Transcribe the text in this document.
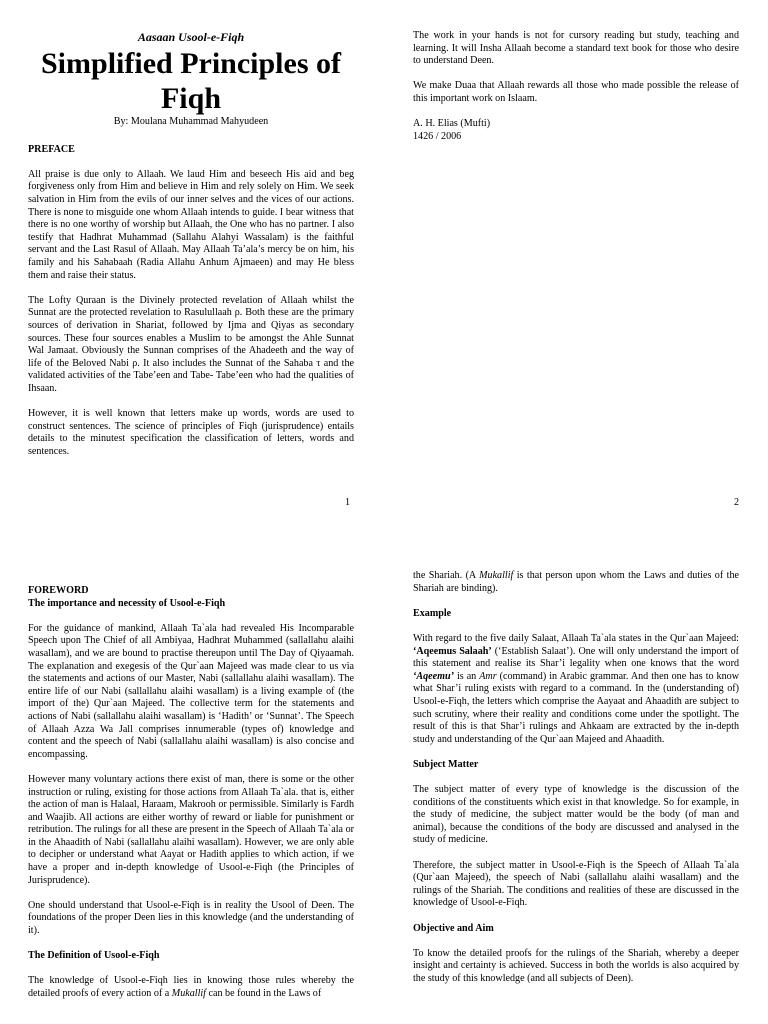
Aasaan Usool-e-Fiqh

Simplified Principles of Fiqh

By: Moulana Muhammad Mahyudeen

PREFACE

All praise is due only to Allaah. We laud Him and beseech His aid and beg forgiveness only from Him and believe in Him and rely solely on Him. We seek salvation in Him from the evils of our inner selves and the vices of our actions. There is none to misguide one whom Allaah intends to guide. I bear witness that there is no one worthy of worship but Allaah, the One who has no partner. I also testify that Hadhrat Muhammad (Sallahu Alahyi Wassalam) is the faithful servant and the Last Rasul of Allaah. May Allaah Ta’ala’s mercy be on him, his family and his Sahabaah (Radia Allahu Anhum Ajmaeen) and may He bless them and raise their status.

The Lofty Quraan is the Divinely protected revelation of Allaah whilst the Sunnat are the protected revelation to Rasulullaah ρ. Both these are the primary sources of derivation in Shariat, followed by Ijma and Qiyas as secondary sources. These four sources enables a Muslim to be amongst the Ahle Sunnat Wal Jamaat. Obviously the Sunnan comprises of the Ahadeeth and the way of life of the Beloved Nabi ρ. It also includes the Sunnat of the Sahaba τ and the validated activities of the Tabe’een and Tabe- Tabe’een who had the qualities of Ihsaan.

However, it is well known that letters make up words, words are used to construct sentences. The science of principles of Fiqh (jurisprudence) entails details to the minutest specification the classification of letters, words and sentences.

1

The work in your hands is not for cursory reading but study, teaching and learning. It will Insha Allaah become a standard text book for those who desire to understand Deen.

We make Duaa that Allaah rewards all those who made possible the release of this important work on Islaam.

A. H. Elias (Mufti)

1426 / 2006

2

FOREWORD

The importance and necessity of Usool-e-Fiqh

For the guidance of mankind, Allaah Ta`ala had revealed His Incomparable Speech upon The Chief of all Ambiyaa, Hadhrat Muhammed (sallallahu alaihi wasallam), and we are bound to practise thereupon until The Day of Qiyaamah. The explanation and exegesis of the Qur`aan Majeed was made clear to us via the statements and actions of our Master, Nabi (sallallahu alaihi wasallam). The entire life of our Nabi (sallallahu alaihi wasallam) is a living example of (the import of the) Qur`aan Majeed. The collective term for the statements and actions of Nabi (sallallahu alaihi wasallam) is ‘Hadith’ or ‘Sunnat’. The Speech of Allaah Azza Wa Jall comprises innumerable (types of) knowledge and content and the speech of Nabi (sallallahu alaihi wasallam) is also concise and encompassing.

However many voluntary actions there exist of man, there is some or the other instruction or ruling, existing for those actions from Allaah Ta`ala. that is, either the action of man is Halaal, Haraam, Makrooh or permissible. Similarly is Fardh and Waajib. All actions are either worthy of reward or liable for punishment or retribution. The rulings for all these are present in the Speech of Allaah Ta`ala or in the Ahaadith of Nabi (sallallahu alaihi wasallam). However, we are only able to decipher or understand what Aayat or Hadith applies to which action, if we have a proper and in-depth knowledge of Usool-e-Fiqh (the Principles of Jurisprudence).

One should understand that Usool-e-Fiqh is in reality the Usool of Deen. The foundations of the proper Deen lies in this knowledge (and the understanding of it).

The Definition of Usool-e-Fiqh

The knowledge of Usool-e-Fiqh lies in knowing those rules whereby the detailed proofs of every action of a Mukallif can be found in the Laws of

the Shariah. (A Mukallif is that person upon whom the Laws and duties of the Shariah are binding).

Example

With regard to the five daily Salaat, Allaah Ta`ala states in the Qur`aan Majeed: ‘Aqeemus Salaah’ (‘Establish Salaat’). One will only understand the import of this statement and realise its Shar’i legality when one knows that the word ‘Aqeemu’ is an Amr (command) in Arabic grammar. And then one has to know what Shar’i ruling exists with regard to a command. In the (understanding of) Usool-e-Fiqh, the letters which comprise the Aayaat and Ahaadith are subject to such scrutiny, where their reality and conditions come under the spotlight. The result of this is that Shar’i rulings and Ahkaam are extracted by the in-depth study and understanding of the Qur`aan Majeed and Ahaadith.

Subject Matter

The subject matter of every type of knowledge is the discussion of the conditions of the constituents which exist in that knowledge. So for example, in the study of medicine, the subject matter would be the body (of man and animal), because the conditions of the body are discussed and analysed in the study of medicine.

Therefore, the subject matter in Usool-e-Fiqh is the Speech of Allaah Ta`ala (Qur`aan Majeed), the speech of Nabi (sallallahu alaihi wasallam) and the rulings of the Shariah. The conditions and realities of these are discussed in the knowledge of Usool-e-Fiqh.

Objective and Aim

To know the detailed proofs for the rulings of the Shariah, whereby a deeper insight and certainty is achieved. Success in both the worlds is also acquired by the study of this knowledge (and all subjects of Deen).
